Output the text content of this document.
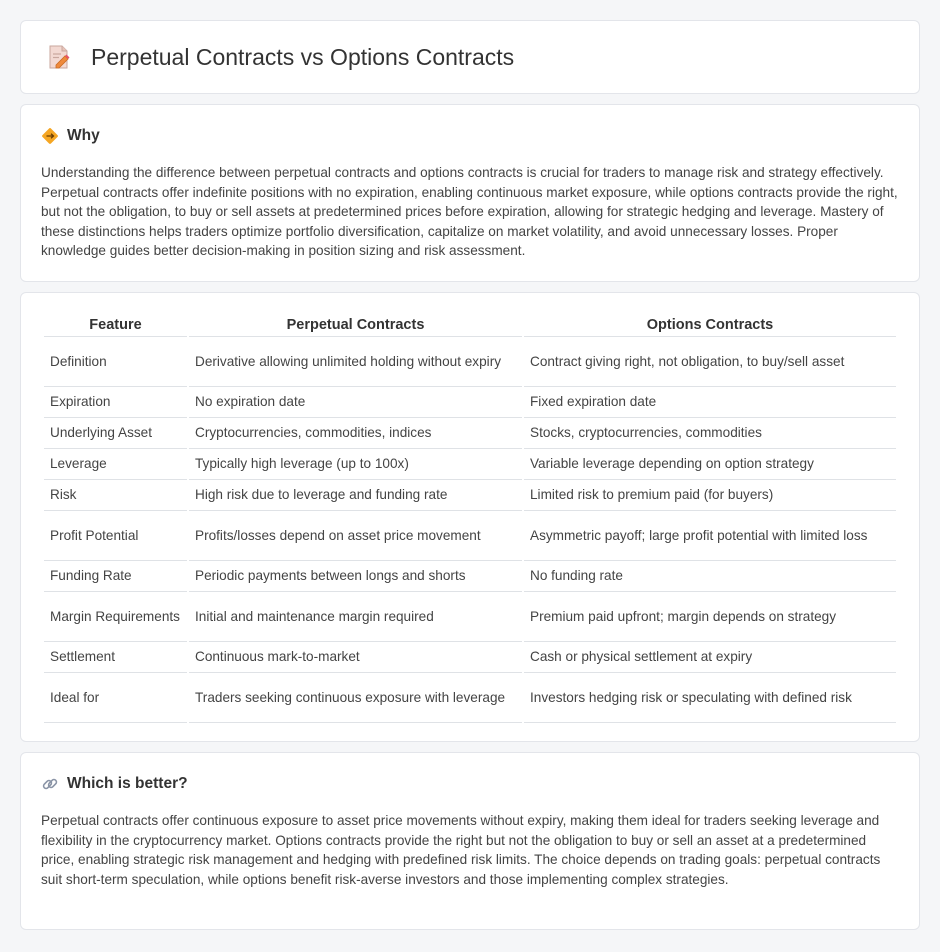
Perpetual Contracts vs Options Contracts
Why

Understanding the difference between perpetual contracts and options contracts is crucial for traders to manage risk and strategy effectively. Perpetual contracts offer indefinite positions with no expiration, enabling continuous market exposure, while options contracts provide the right, but not the obligation, to buy or sell assets at predetermined prices before expiration, allowing for strategic hedging and leverage. Mastery of these distinctions helps traders optimize portfolio diversification, capitalize on market volatility, and avoid unnecessary losses. Proper knowledge guides better decision-making in position sizing and risk assessment.

Feature	Perpetual Contracts	Options Contracts
Definition	Derivative allowing unlimited holding without expiry	Contract giving right, not obligation, to buy/sell asset
Expiration	No expiration date	Fixed expiration date
Underlying Asset	Cryptocurrencies, commodities, indices	Stocks, cryptocurrencies, commodities
Leverage	Typically high leverage (up to 100x)	Variable leverage depending on option strategy
Risk	High risk due to leverage and funding rate	Limited risk to premium paid (for buyers)
Profit Potential	Profits/losses depend on asset price movement	Asymmetric payoff; large profit potential with limited loss
Funding Rate	Periodic payments between longs and shorts	No funding rate
Margin Requirements	Initial and maintenance margin required	Premium paid upfront; margin depends on strategy
Settlement	Continuous mark-to-market	Cash or physical settlement at expiry
Ideal for	Traders seeking continuous exposure with leverage	Investors hedging risk or speculating with defined risk
Which is better?

Perpetual contracts offer continuous exposure to asset price movements without expiry, making them ideal for traders seeking leverage and flexibility in the cryptocurrency market. Options contracts provide the right but not the obligation to buy or sell an asset at a predetermined price, enabling strategic risk management and hedging with predefined risk limits. The choice depends on trading goals: perpetual contracts suit short-term speculation, while options benefit risk-averse investors and those implementing complex strategies.
